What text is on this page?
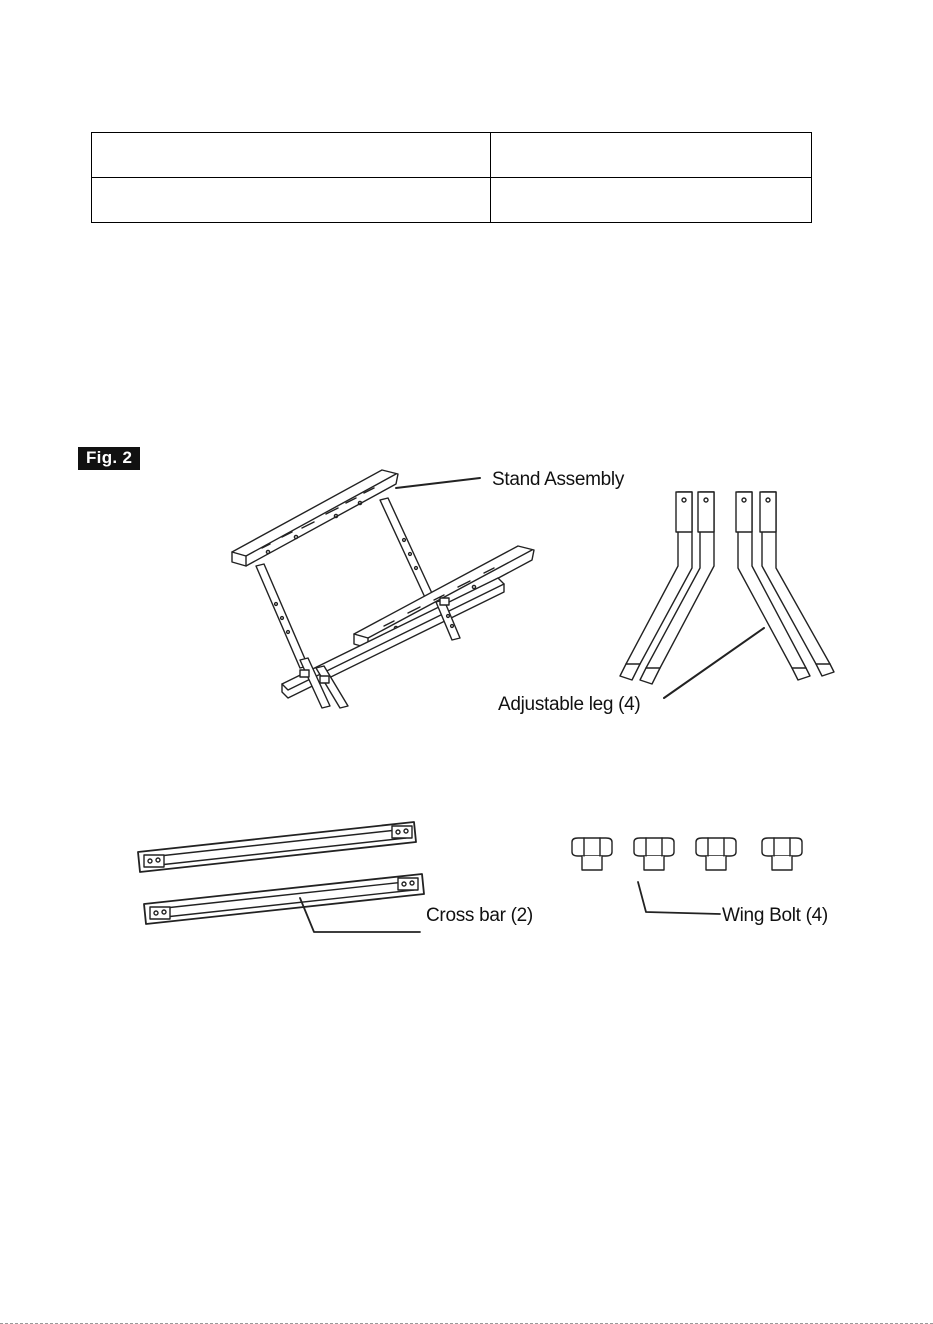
Fig. 2
Stand Assembly
Adjustable leg (4)
Cross bar (2)	Wing Bolt (4)
